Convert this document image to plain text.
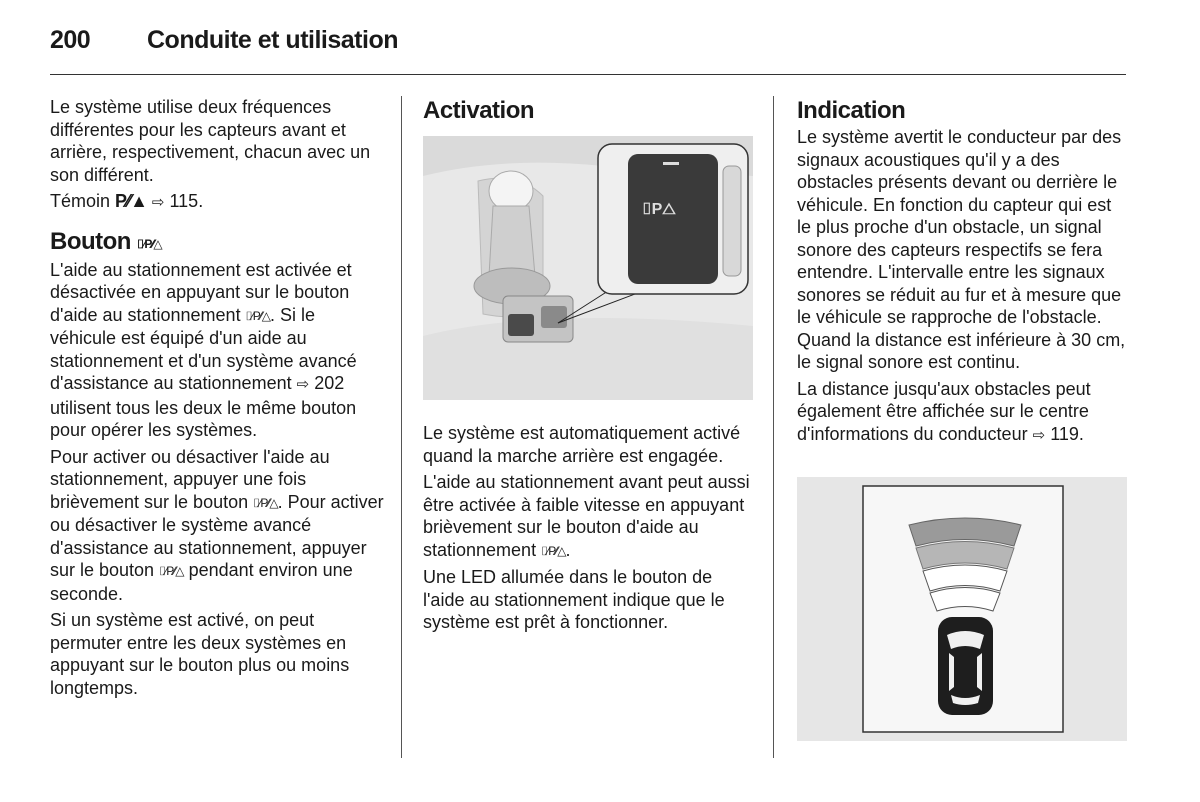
200 Conduite et utilisation

Le système utilise deux fréquences différentes pour les capteurs avant et arrière, respectivement, chacun avec un son différent.

Témoin P⁄⁄▲ ⇨ 115.

Bouton ⌷⁄P⁄⁄△

L'aide au stationnement est activée et désactivée en appuyant sur le bouton d'aide au stationnement ⌷⁄P⁄⁄△. Si le véhicule est équipé d'un aide au stationnement et d'un système avancé d'assistance au stationnement ⇨ 202 utilisent tous les deux le même bouton pour opérer les systèmes.

Pour activer ou désactiver l'aide au stationnement, appuyer une fois brièvement sur le bouton ⌷⁄P⁄⁄△. Pour activer ou désactiver le système avancé d'assistance au stationnement, appuyer sur le bouton ⌷⁄P⁄⁄△ pendant environ une seconde.

Si un système est activé, on peut permuter entre les deux systèmes en appuyant sur le bouton plus ou moins longtemps.

Activation
⌷P△

Le système est automatiquement activé quand la marche arrière est engagée.

L'aide au stationnement avant peut aussi être activée à faible vitesse en appuyant brièvement sur le bouton d'aide au stationnement ⌷⁄P⁄⁄△.

Une LED allumée dans le bouton de l'aide au stationnement indique que le système est prêt à fonctionner.

Indication

Le système avertit le conducteur par des signaux acoustiques qu'il y a des obstacles présents devant ou derrière le véhicule. En fonction du capteur qui est le plus proche d'un obstacle, un signal sonore des capteurs respectifs se fera entendre. L'intervalle entre les signaux sonores se réduit au fur et à mesure que le véhicule se rapproche de l'obstacle. Quand la distance est inférieure à 30 cm, le signal sonore est continu.

La distance jusqu'aux obstacles peut également être affichée sur le centre d'informations du conducteur ⇨ 119.
